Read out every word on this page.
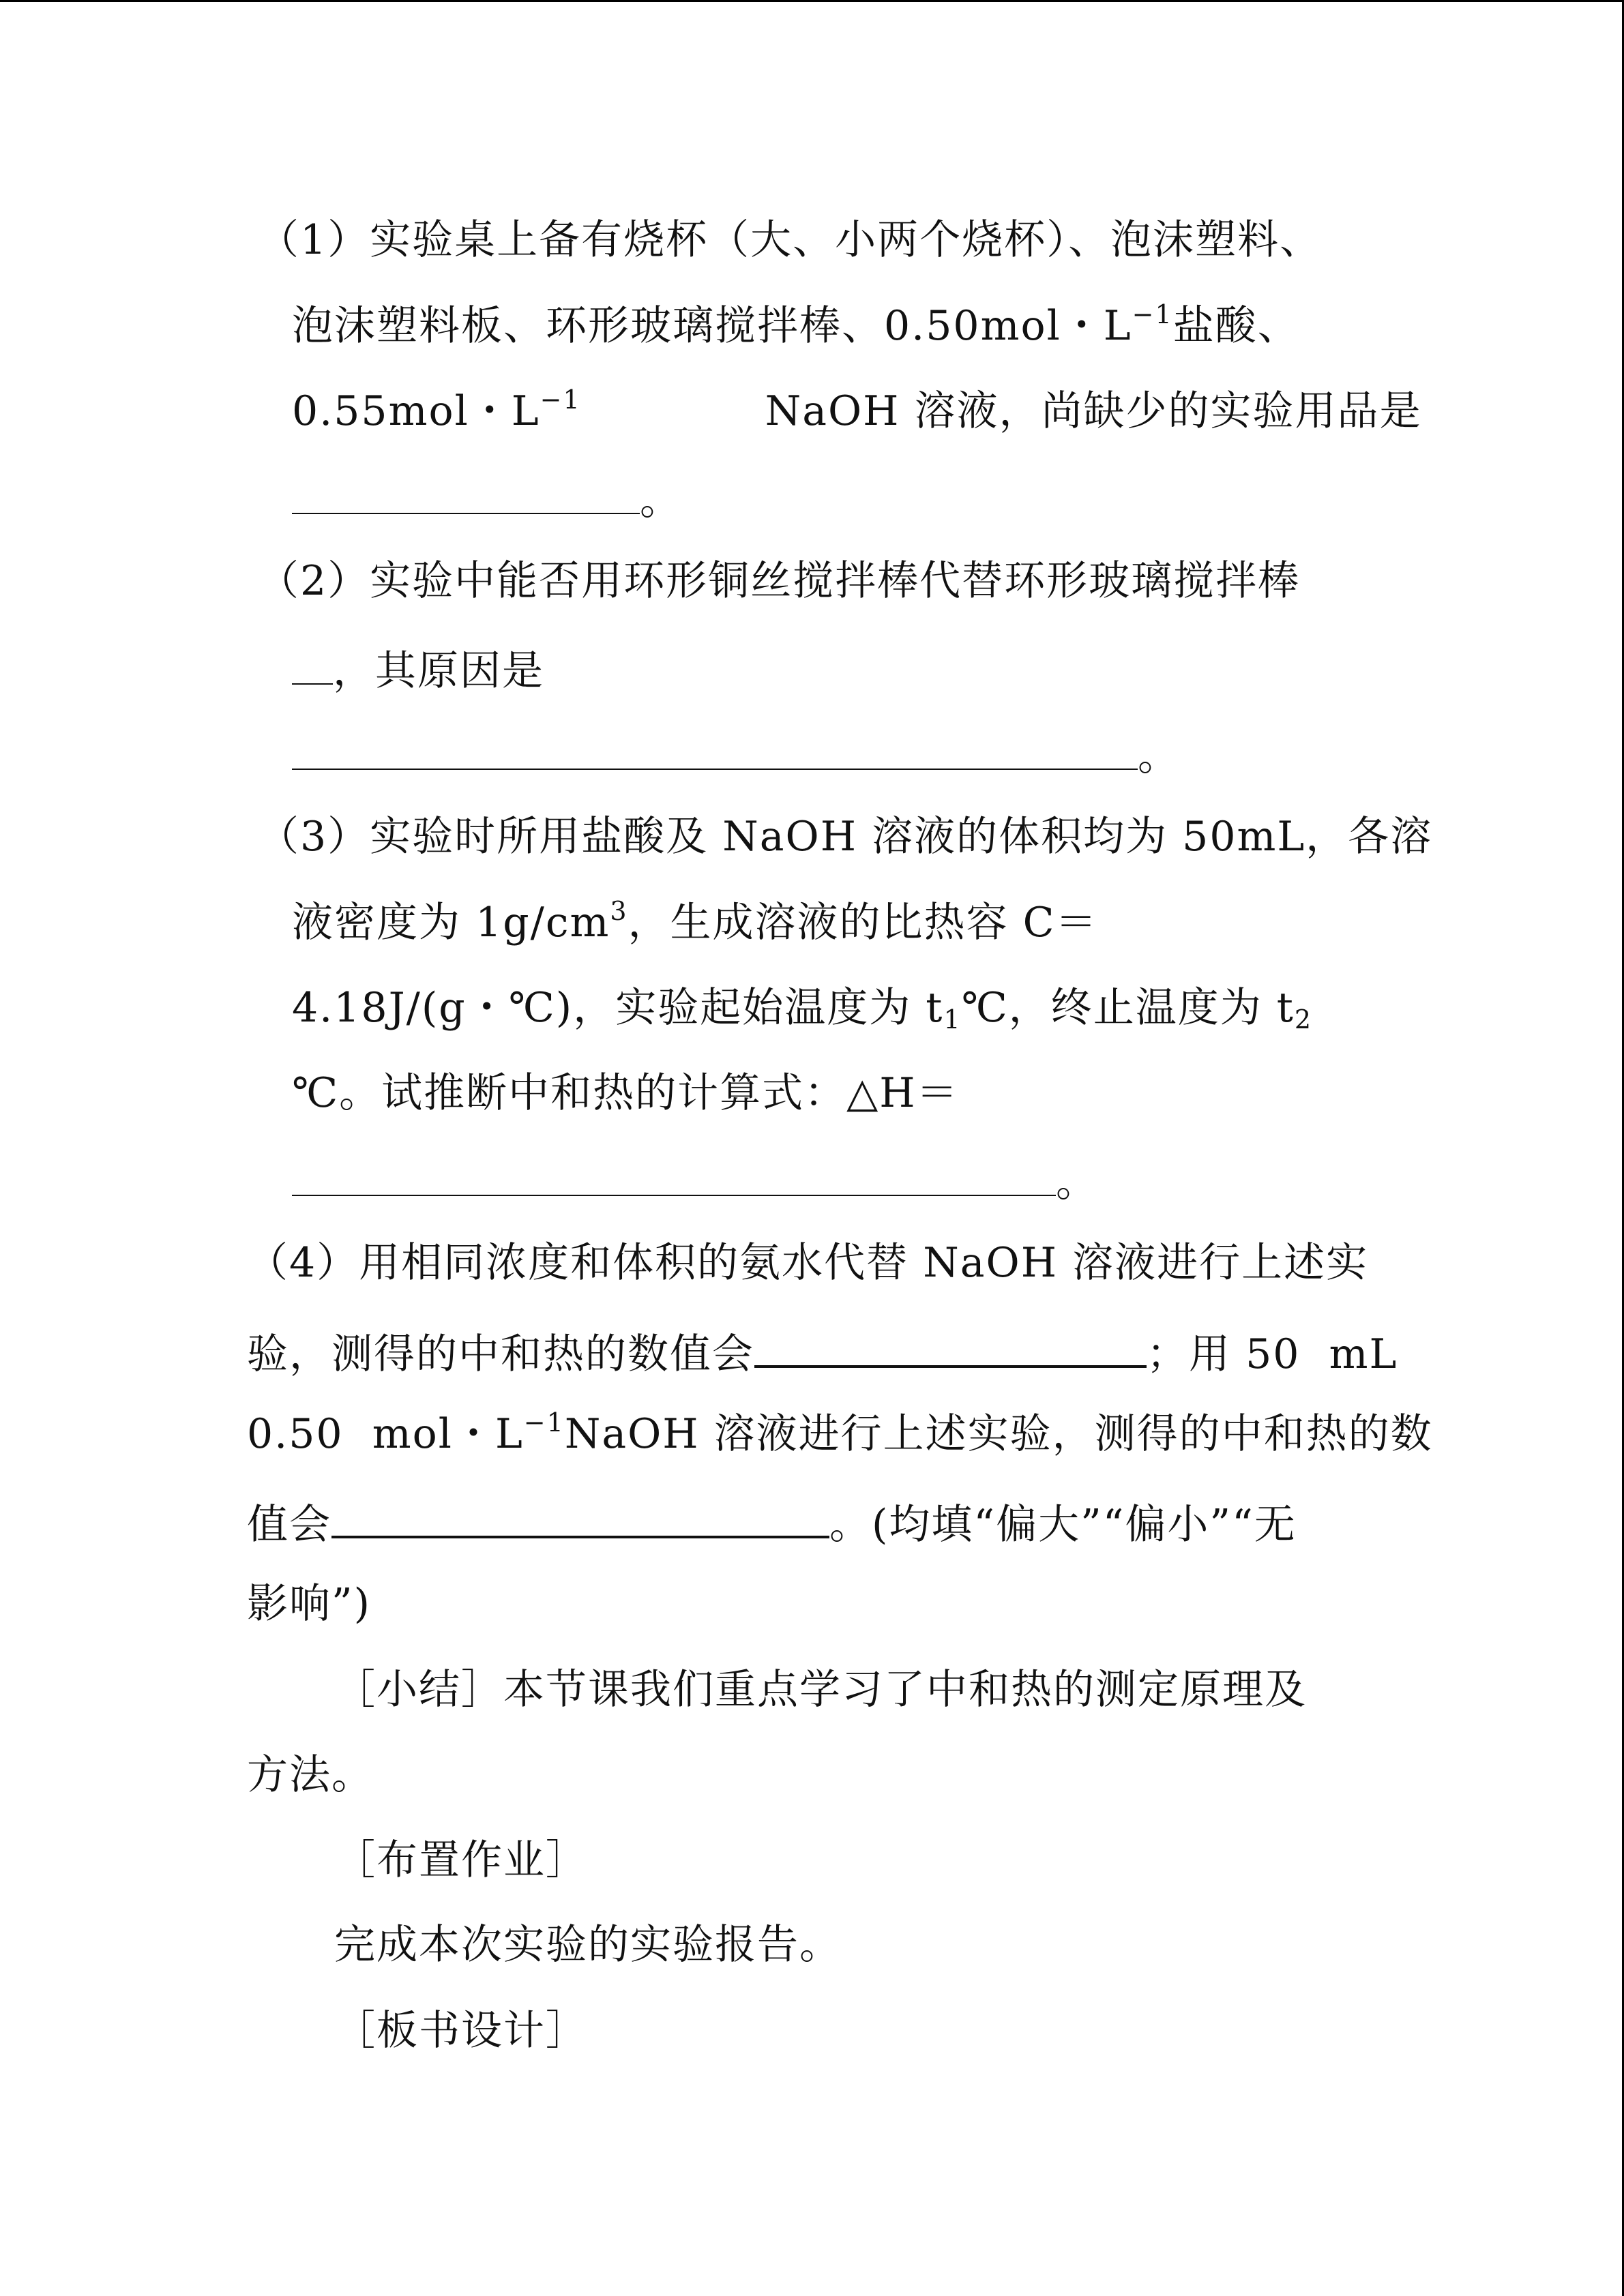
（1）实验桌上备有烧杯（大、小两个烧杯）、泡沫塑料、
泡沫塑料板、环形玻璃搅拌棒、0.50mol・$L^{-1}$盐酸、
0.55mol・$L^{-1}$	NaOH 溶液，尚缺少的实验用品是
。
（2）实验中能否用环形铜丝搅拌棒代替环形玻璃搅拌棒
，其原因是
。
（3）实验时所用盐酸及 NaOH 溶液的体积均为 50mL，各溶
液密度为 $1g/cm^3$，生成溶液的比热容 C＝
4.18J/(g・℃)，实验起始温度为 $t_1℃$，终止温度为 $t_2$
℃。试推断中和热的计算式：△H＝
。
（4）用相同浓度和体积的氨水代替 NaOH 溶液进行上述实
验，测得的中和热的数值会	；用 50  mL
0.50  mol・$L^{-1}NaOH$ 溶液进行上述实验，测得的中和热的数
值会	。(均填“偏大”“偏小”“无
影响”)
［小结］本节课我们重点学习了中和热的测定原理及
方法。
［布置作业］
完成本次实验的实验报告。
［板书设计］
